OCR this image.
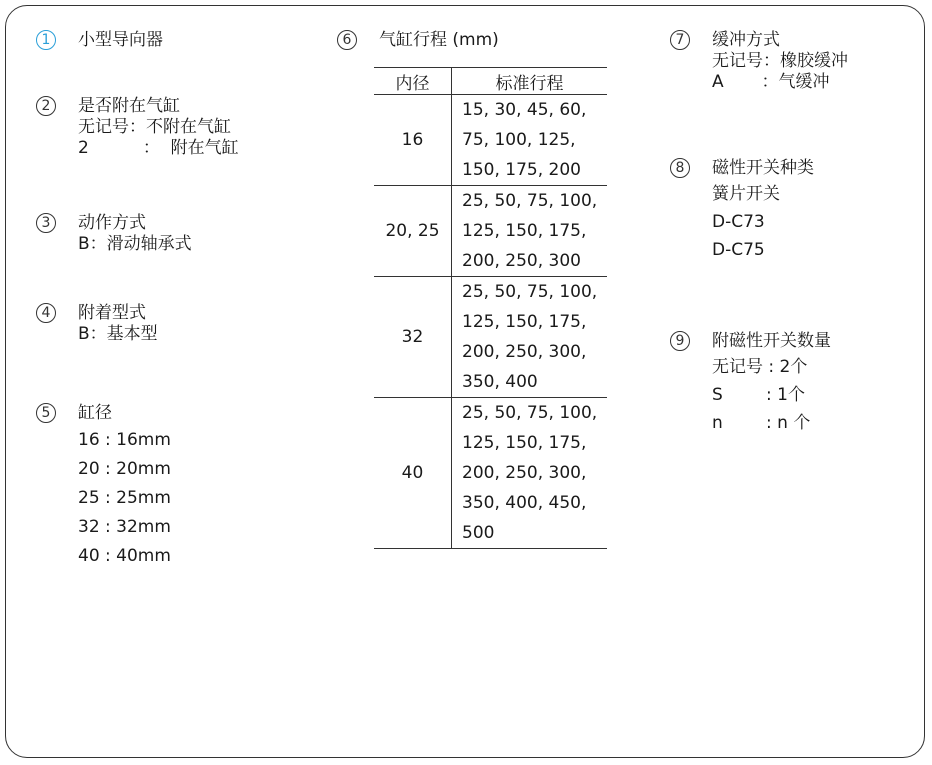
1	小型导向器
2	是否附在气缸
无记号：不附在气缸
2          ：  附在气缸
3	动作方式
B：滑动轴承式
4	附着型式
B：基本型
5	缸径
16 : 16mm
20 : 20mm
25 : 25mm
32 : 32mm
40 : 40mm
6	气缸行程 (mm)
内径	标准行程
16	15, 30, 45, 60,
75, 100, 125,
150, 175, 200
20, 25	25, 50, 75, 100,
125, 150, 175,
200, 250, 300
32	25, 50, 75, 100,
125, 150, 175,
200, 250, 300,
350, 400
40	25, 50, 75, 100,
125, 150, 175,
200, 250, 300,
350, 400, 450,
500
7	缓冲方式
无记号：橡胶缓冲
A       ：气缓冲
8	磁性开关种类
簧片开关
D-C73
D-C75
9	附磁性开关数量
无记号 : 2个
S        : 1个
n        : n 个
